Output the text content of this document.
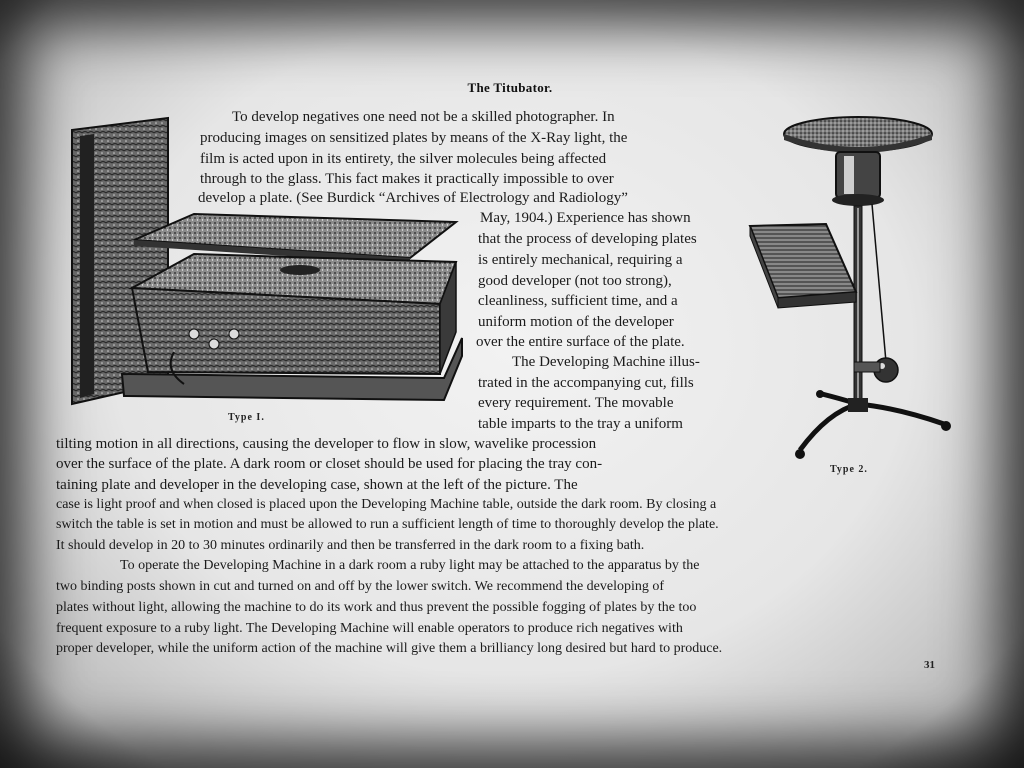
The Titubator.
Type I.
Type 2.
To develop negatives one need not be a skilled photographer. In
producing images on sensitized plates by means of the X-Ray light, the
film is acted upon in its entirety, the silver molecules being affected
through to the glass. This fact makes it practically impossible to over
develop a plate. (See Burdick “Archives of Electrology and Radiology”
May, 1904.) Experience has shown
that the process of developing plates
is entirely mechanical, requiring a
good developer (not too strong),
cleanliness, sufficient time, and a
uniform motion of the developer
over the entire surface of the plate.
The Developing Machine illus-
trated in the accompanying cut, fills
every requirement. The movable
table imparts to the tray a uniform
tilting motion in all directions, causing the developer to flow in slow, wavelike procession
over the surface of the plate. A dark room or closet should be used for placing the tray con-
taining plate and developer in the developing case, shown at the left of the picture. The
case is light proof and when closed is placed upon the Developing Machine table, outside the dark room. By closing a
switch the table is set in motion and must be allowed to run a sufficient length of time to thoroughly develop the plate.
It should develop in 20 to 30 minutes ordinarily and then be transferred in the dark room to a fixing bath.
To operate the Developing Machine in a dark room a ruby light may be attached to the apparatus by the
two binding posts shown in cut and turned on and off by the lower switch. We recommend the developing of
plates without light, allowing the machine to do its work and thus prevent the possible fogging of plates by the too
frequent exposure to a ruby light. The Developing Machine will enable operators to produce rich negatives with
proper developer, while the uniform action of the machine will give them a brilliancy long desired but hard to produce.
31
